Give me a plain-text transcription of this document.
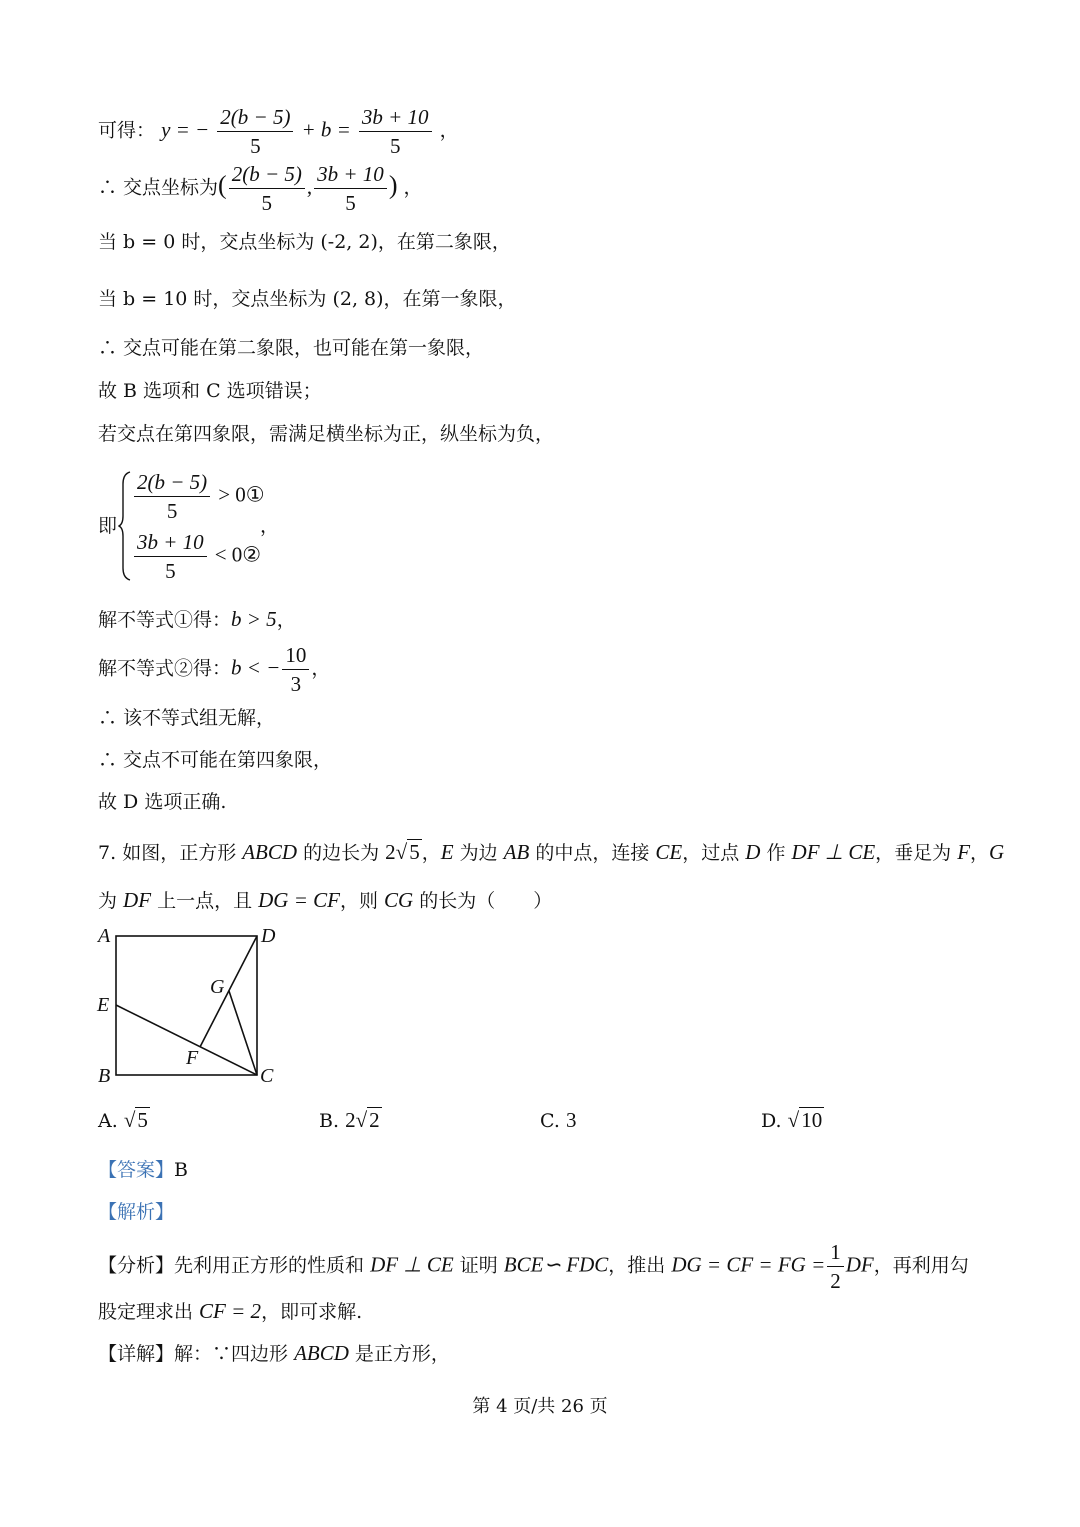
可得： y = − $\frac{2(b - 5)}{5} + b = \frac{3b + 10}{5}$ ，
∴ 交点坐标为( $\frac{2(b - 5)}{5}$ , $\frac{3b + 10}{5}$ ) ，
当 b = 0 时，交点坐标为 (-2, 2)，在第二象限，
当 b = 10 时，交点坐标为 (2, 8)，在第一象限，
∴ 交点可能在第二象限，也可能在第一象限，
故 B 选项和 C 选项错误；
若交点在第四象限，需满足横坐标为正，纵坐标为负，
即
$\frac{2(b - 5)}{5}$ > 0①
$\frac{3b + 10}{5}$ < 0②
，
解不等式①得：b > 5，
解不等式②得：b < − $\frac{10}{3}$ ，
∴ 该不等式组无解，
∴ 交点不可能在第四象限，
故 D 选项正确.
7. 如图，正方形 ABCD 的边长为 2√5 ，E 为边 AB 的中点，连接 CE，过点 D 作 DF ⊥ CE，垂足为 F，G
为 DF 上一点，且 DG = CF，则 CG 的长为（　　）
A	D
E
G
F
B	C
A. √5	B. 2√2	C. 3	D. √10
【答案】B
【解析】
【分析】先利用正方形的性质和 DF ⊥ CE 证明 BCE∽ FDC，推出 DG = CF = FG = $\frac{1}{2}$ DF，再利用勾
股定理求出 CF = 2，即可求解.
【详解】解：∵四边形 ABCD 是正方形，
第 4 页/共 26 页
